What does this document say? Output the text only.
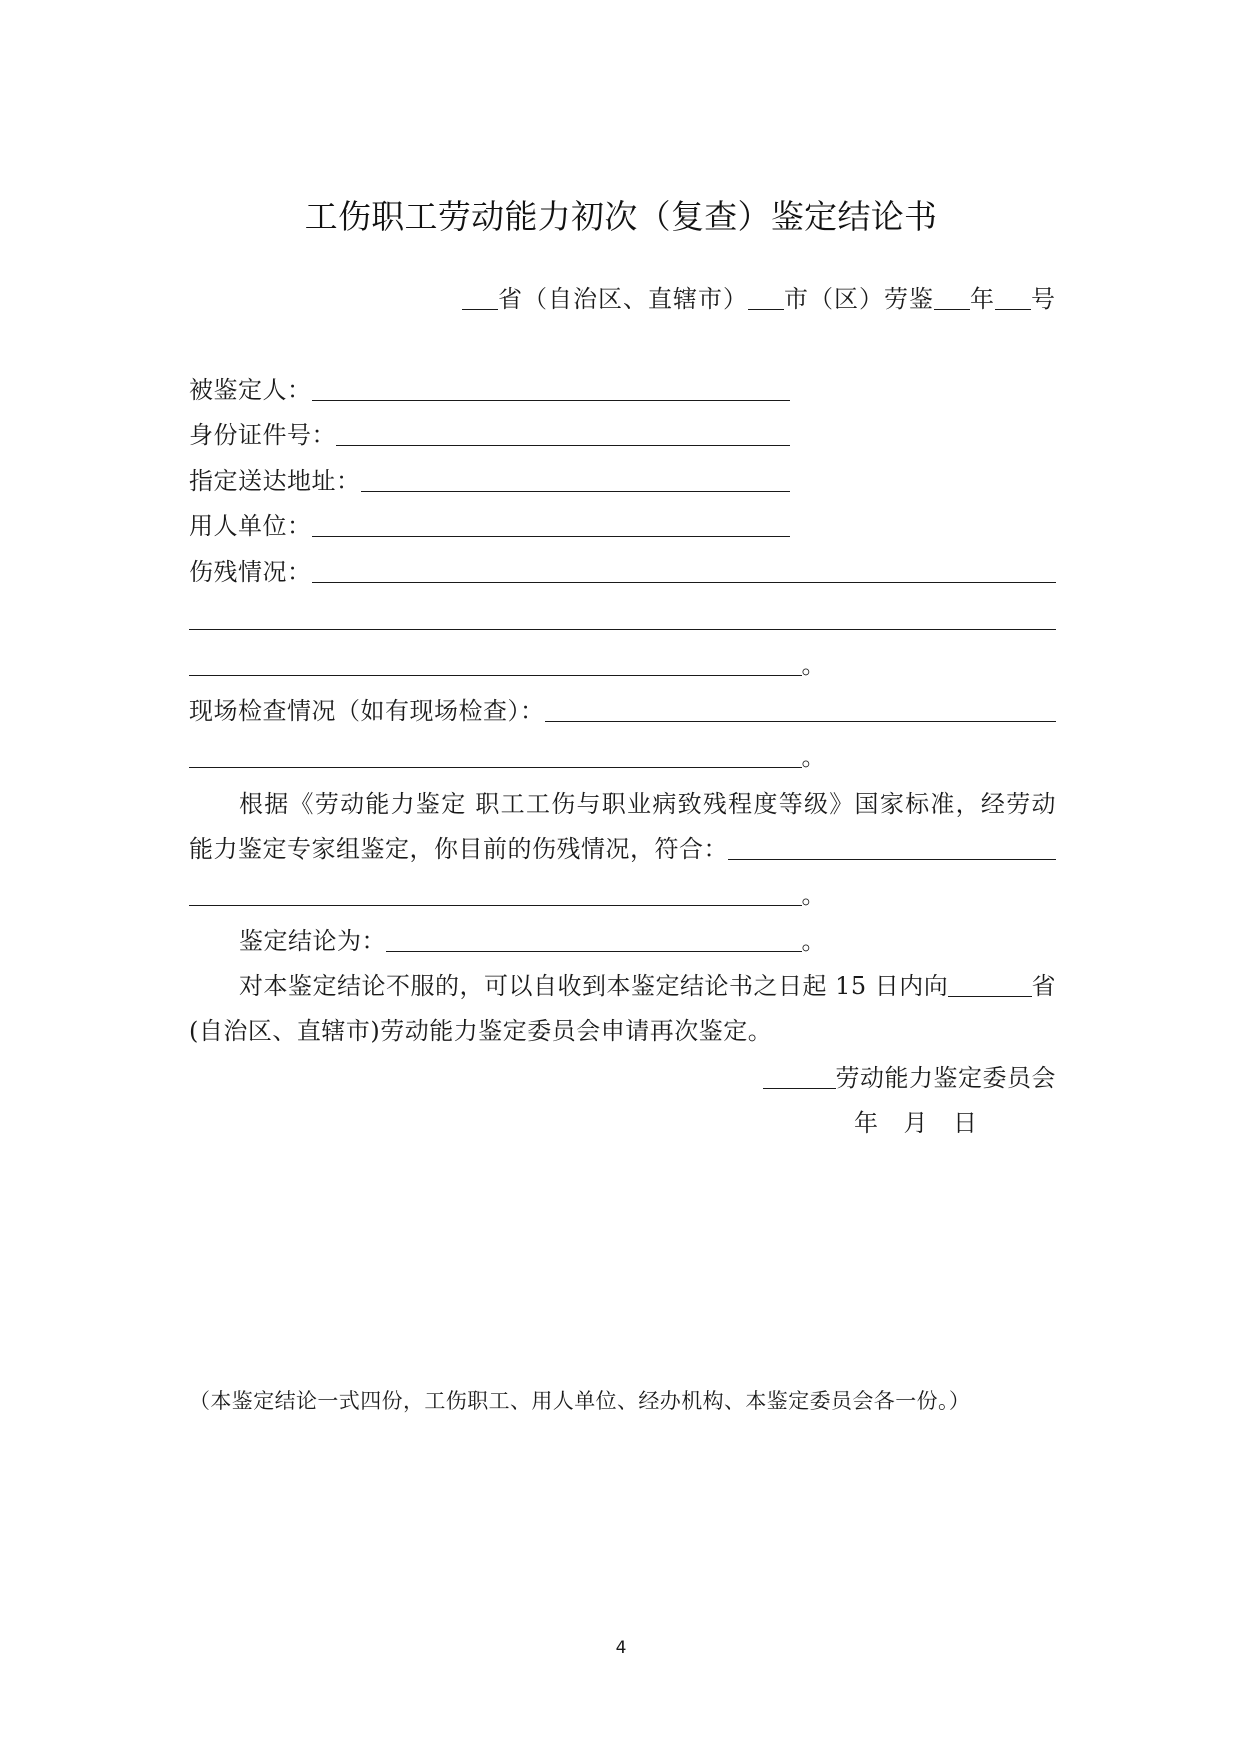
工伤职工劳动能力初次（复查）鉴定结论书
省（自治区、直辖市） 市（区）劳鉴 年 号
被鉴定人：
身份证件号：
指定送达地址：
用人单位：
伤残情况：
。
现场检查情况（如有现场检查）：
。
根据《劳动能力鉴定 职工工伤与职业病致残程度等级》国家标准，经劳动
能力鉴定专家组鉴定，你目前的伤残情况，符合：
。
鉴定结论为：	。
对本鉴定结论不服的，可以自收到本鉴定结论书之日起 15 日内向	省
(自治区、直辖市)劳动能力鉴定委员会申请再次鉴定。
劳动能力鉴定委员会
年 月 日
（本鉴定结论一式四份，工伤职工、用人单位、经办机构、本鉴定委员会各一份。）
4
